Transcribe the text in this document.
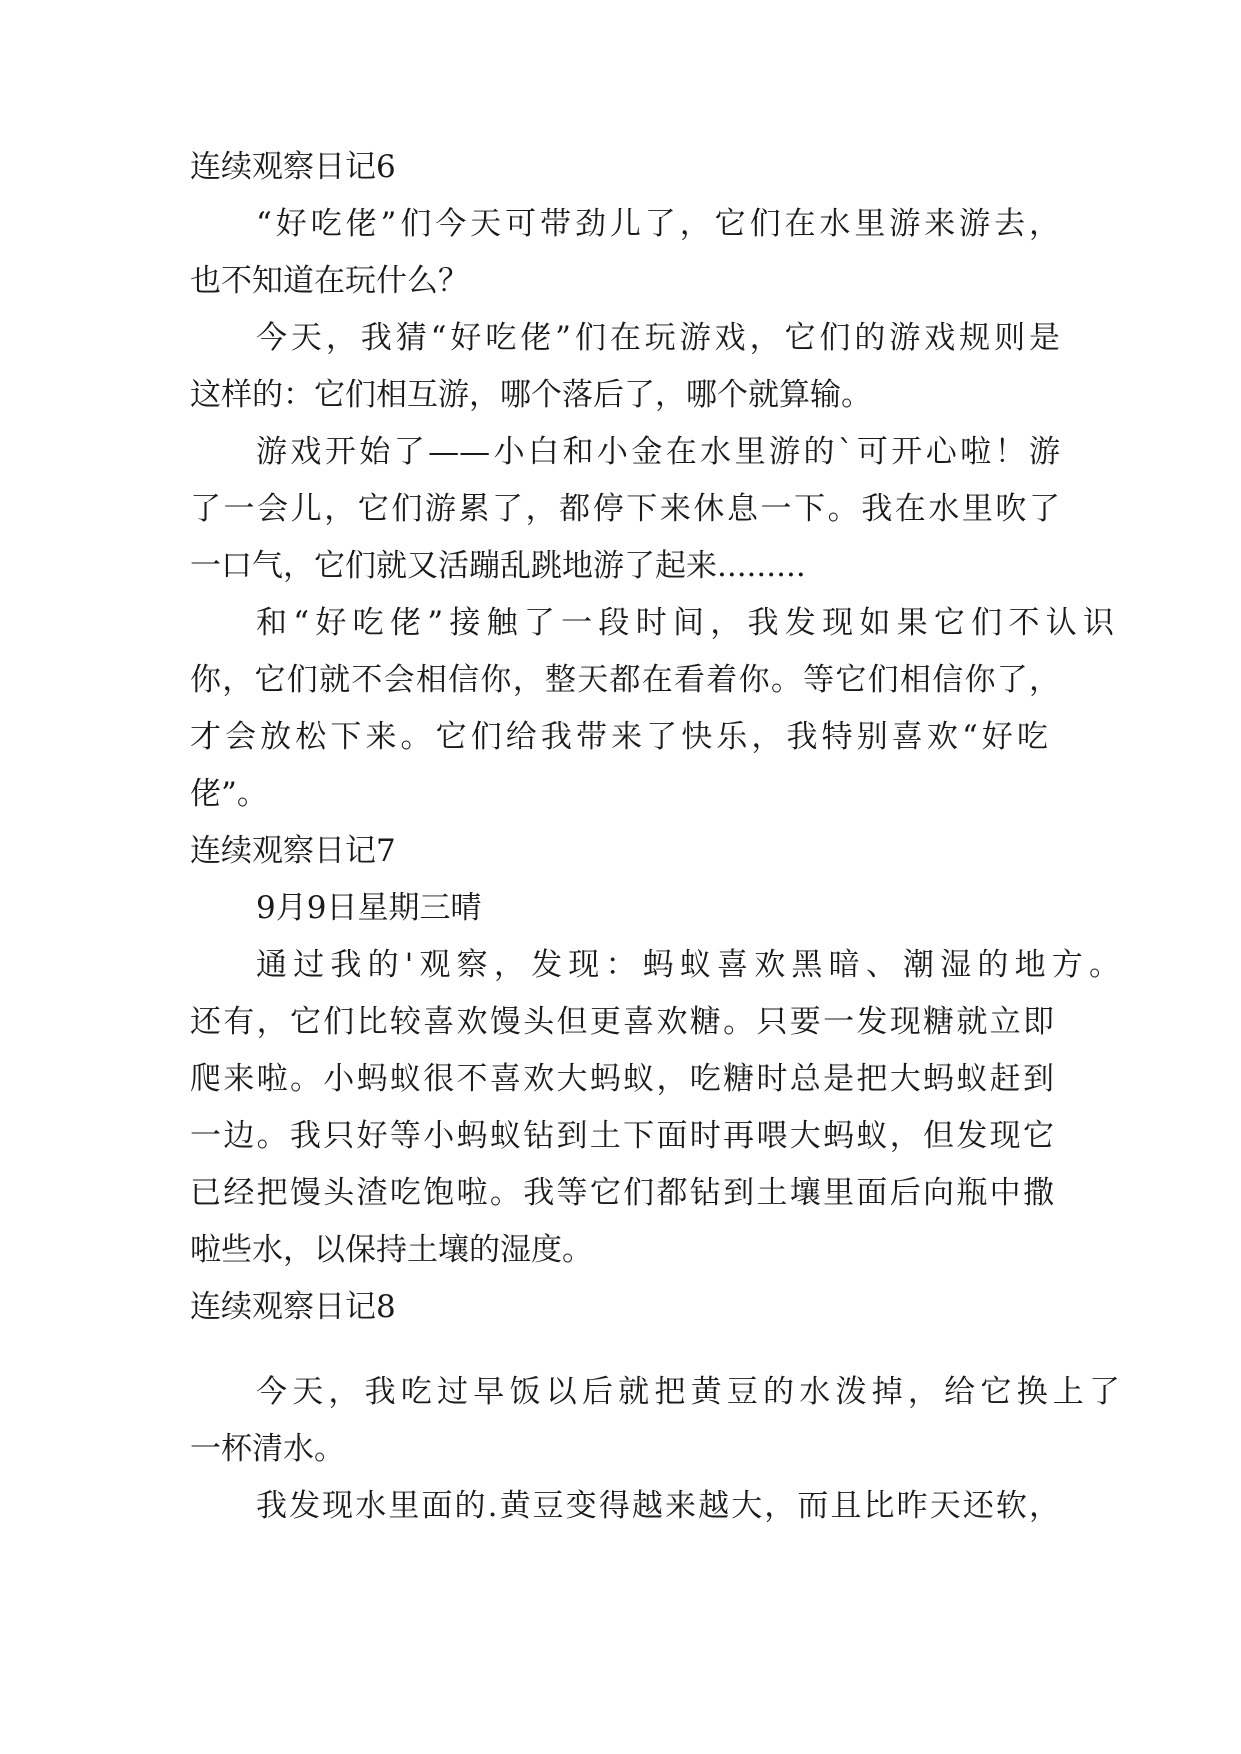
连续观察日记6

“好吃佬”们今天可带劲儿了，它们在水里游来游去，

也不知道在玩什么？

今天，我猜“好吃佬”们在玩游戏，它们的游戏规则是

这样的：它们相互游，哪个落后了，哪个就算输。

游戏开始了——小白和小金在水里游的`可开心啦！游

了一会儿，它们游累了，都停下来休息一下。我在水里吹了

一口气，它们就又活蹦乱跳地游了起来.........

和“好吃佬”接触了一段时间，我发现如果它们不认识

你，它们就不会相信你，整天都在看着你。等它们相信你了，

才会放松下来。它们给我带来了快乐，我特别喜欢“好吃

佬”。

连续观察日记7

9月9日星期三晴

通过我的'观察，发现：蚂蚁喜欢黑暗、潮湿的地方。

还有，它们比较喜欢馒头但更喜欢糖。只要一发现糖就立即

爬来啦。小蚂蚁很不喜欢大蚂蚁，吃糖时总是把大蚂蚁赶到

一边。我只好等小蚂蚁钻到土下面时再喂大蚂蚁，但发现它

已经把馒头渣吃饱啦。我等它们都钻到土壤里面后向瓶中撒

啦些水，以保持土壤的湿度。

连续观察日记8

今天，我吃过早饭以后就把黄豆的水泼掉，给它换上了

一杯清水。

我发现水里面的.黄豆变得越来越大，而且比昨天还软，
